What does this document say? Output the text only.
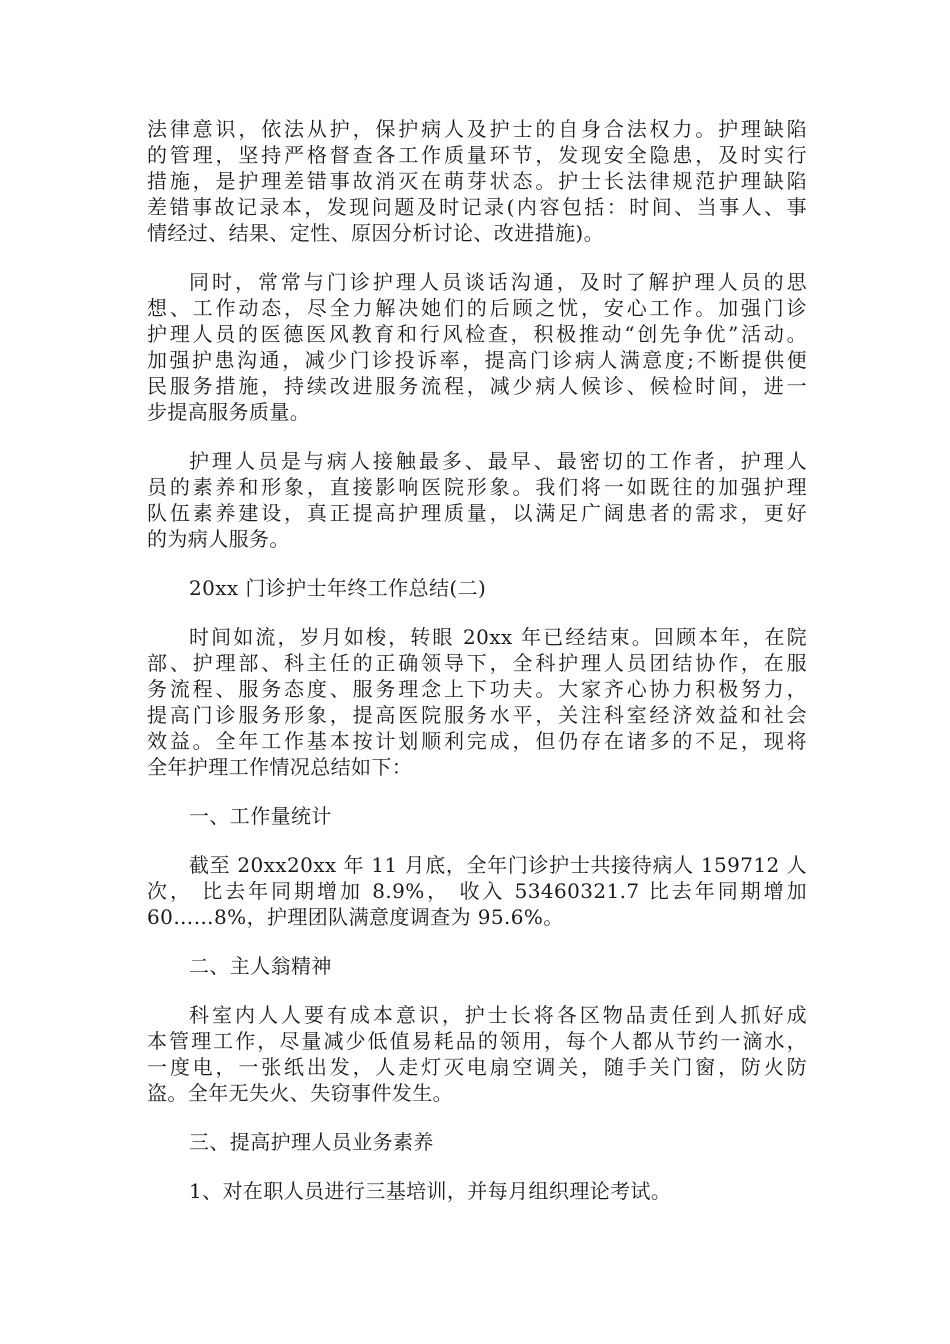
法律意识，依法从护，保护病人及护士的自身合法权力。护理缺陷
的管理，坚持严格督查各工作质量环节，发现安全隐患，及时实行
措施，是护理差错事故消灭在萌芽状态。护士长法律规范护理缺陷
差错事故记录本，发现问题及时记录(内容包括：时间、当事人、事
情经过、结果、定性、原因分析讨论、改进措施)。
同时，常常与门诊护理人员谈话沟通，及时了解护理人员的思
想、工作动态，尽全力解决她们的后顾之忧，安心工作。加强门诊
护理人员的医德医风教育和行风检查，积极推动“创先争优”活动。
加强护患沟通，减少门诊投诉率，提高门诊病人满意度;不断提供便
民服务措施，持续改进服务流程，减少病人候诊、候检时间，进一
步提高服务质量。
护理人员是与病人接触最多、最早、最密切的工作者，护理人
员的素养和形象，直接影响医院形象。我们将一如既往的加强护理
队伍素养建设，真正提高护理质量，以满足广阔患者的需求，更好
的为病人服务。
20xx 门诊护士年终工作总结(二)
时间如流，岁月如梭，转眼 20xx 年已经结束。回顾本年，在院
部、护理部、科主任的正确领导下，全科护理人员团结协作，在服
务流程、服务态度、服务理念上下功夫。大家齐心协力积极努力，
提高门诊服务形象，提高医院服务水平，关注科室经济效益和社会
效益。全年工作基本按计划顺利完成，但仍存在诸多的不足，现将
全年护理工作情况总结如下：
一、工作量统计
截至 20xx20xx 年 11 月底，全年门诊护士共接待病人 159712 人
次， 比去年同期增加 8.9%， 收入 53460321.7 比去年同期增加
60……8%，护理团队满意度调查为 95.6%。
二、主人翁精神
科室内人人要有成本意识，护士长将各区物品责任到人抓好成
本管理工作，尽量减少低值易耗品的领用，每个人都从节约一滴水，
一度电，一张纸出发，人走灯灭电扇空调关，随手关门窗，防火防
盗。全年无失火、失窃事件发生。
三、提高护理人员业务素养
1、对在职人员进行三基培训，并每月组织理论考试。
